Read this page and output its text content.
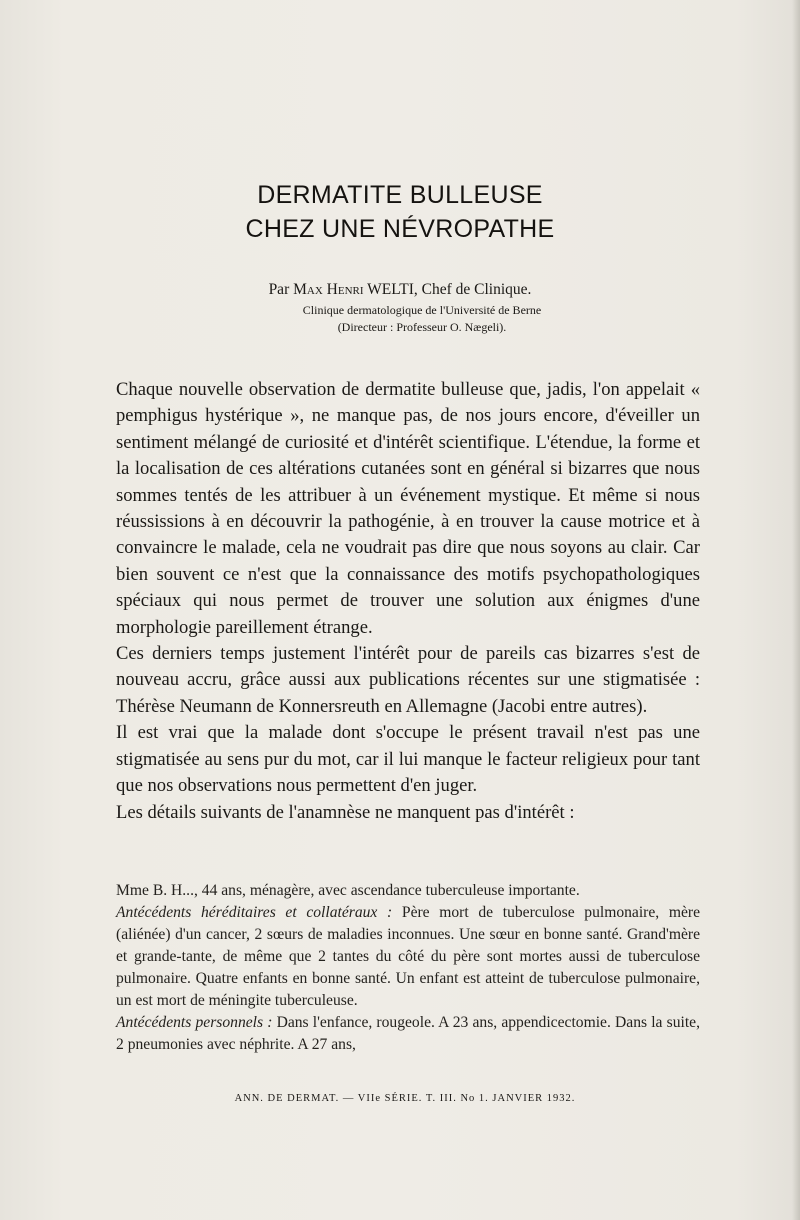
DERMATITE BULLEUSE
CHEZ UNE NÉVROPATHE
Par Max Henri WELTI, Chef de Clinique.
Clinique dermatologique de l'Université de Berne
(Directeur : Professeur O. Nægeli).

Chaque nouvelle observation de dermatite bulleuse que, jadis, l'on appelait « pemphigus hystérique », ne manque pas, de nos jours encore, d'éveiller un sentiment mélangé de curiosité et d'intérêt scientifique. L'étendue, la forme et la localisation de ces altérations cutanées sont en général si bizarres que nous sommes tentés de les attribuer à un événement mystique. Et même si nous réussissions à en découvrir la pathogénie, à en trouver la cause motrice et à convaincre le malade, cela ne voudrait pas dire que nous soyons au clair. Car bien souvent ce n'est que la connaissance des motifs psychopathologiques spéciaux qui nous permet de trouver une solution aux énigmes d'une morphologie pareillement étrange.

Ces derniers temps justement l'intérêt pour de pareils cas bizarres s'est de nouveau accru, grâce aussi aux publications récentes sur une stigmatisée : Thérèse Neumann de Konnersreuth en Allemagne (Jacobi entre autres).

Il est vrai que la malade dont s'occupe le présent travail n'est pas une stigmatisée au sens pur du mot, car il lui manque le facteur religieux pour tant que nos observations nous permettent d'en juger.

Les détails suivants de l'anamnèse ne manquent pas d'intérêt :

Mme B. H..., 44 ans, ménagère, avec ascendance tuberculeuse importante.

Antécédents héréditaires et collatéraux : Père mort de tuberculose pulmonaire, mère (aliénée) d'un cancer, 2 sœurs de maladies inconnues. Une sœur en bonne santé. Grand'mère et grande-tante, de même que 2 tantes du côté du père sont mortes aussi de tuberculose pulmonaire. Quatre enfants en bonne santé. Un enfant est atteint de tuberculose pulmonaire, un est mort de méningite tuberculeuse.

Antécédents personnels : Dans l'enfance, rougeole. A 23 ans, appendicectomie. Dans la suite, 2 pneumonies avec néphrite. A 27 ans,

ANN. DE DERMAT. — VIIe SÉRIE. T. III. No 1. JANVIER 1932.
